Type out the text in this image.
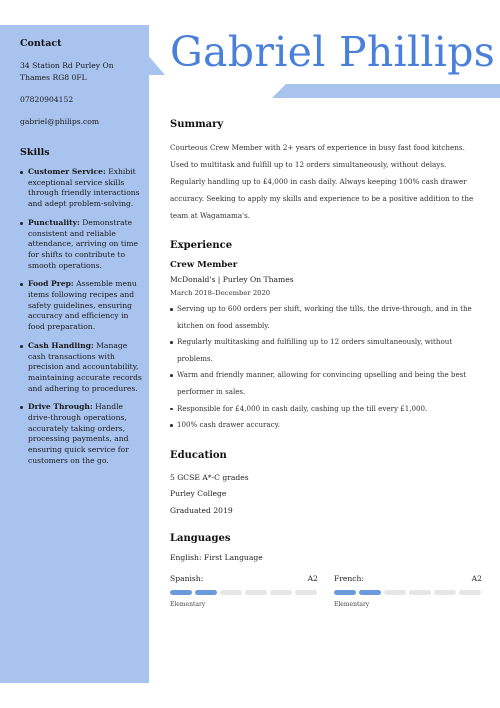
Contact
34 Station Rd Purley On Thames RG8 0FL
07820904152
gabriel@philips.com
Skills
Customer Service: Exhibit exceptional service skills through friendly interactions and adept problem-solving.
Punctuality: Demonstrate consistent and reliable attendance, arriving on time for shifts to contribute to smooth operations.
Food Prep: Assemble menu items following recipes and safety guidelines, ensuring accuracy and efficiency in food preparation.
Cash Handling: Manage cash transactions with precision and accountability, maintaining accurate records and adhering to procedures.
Drive Through: Handle drive-through operations, accurately taking orders, processing payments, and ensuring quick service for customers on the go.
Gabriel Phillips
Summary
Courteous Crew Member with 2+ years of experience in busy fast food kitchens. Used to multitask and fulfill up to 12 orders simultaneously, without delays. Regularly handling up to £4,000 in cash daily. Always keeping 100% cash drawer accuracy. Seeking to apply my skills and experience to be a positive addition to the team at Wagamama's.
Experience
Crew Member
McDonald's | Purley On Thames
March 2018–December 2020
Serving up to 600 orders per shift, working the tills, the drive-through, and in the kitchen on food assembly.
Regularly multitasking and fulfilling up to 12 orders simultaneously, without problems.
Warm and friendly manner, allowing for convincing upselling and being the best performer in sales.
Responsible for £4,000 in cash daily, cashing up the till every £1,000.
100% cash drawer accuracy.
Education
5 GCSE A*-C grades
Purley College
Graduated 2019
Languages
English: First Language
Spanish:	A2
Elementary
French:	A2
Elementary
